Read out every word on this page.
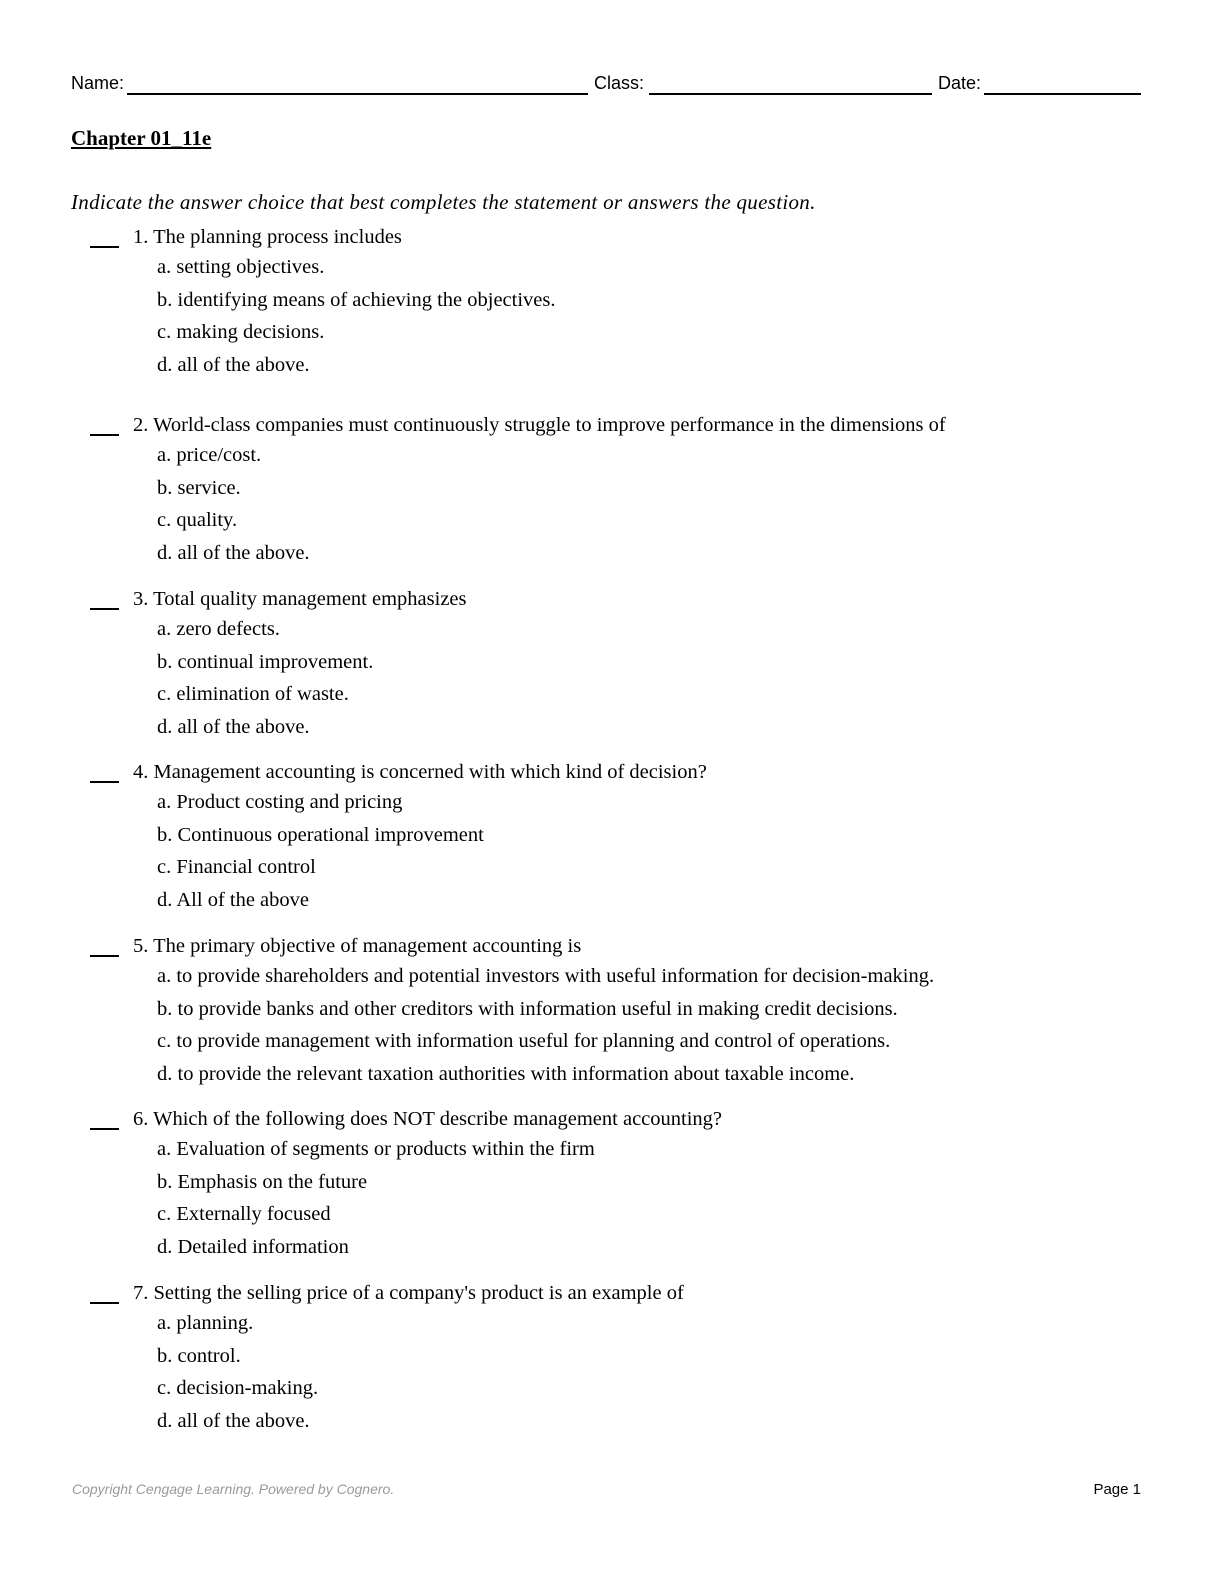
Name:	Class:	Date:
Chapter 01_11e
Indicate the answer choice that best completes the statement or answers the question.
1. The planning process includes
a. setting objectives.
b. identifying means of achieving the objectives.
c. making decisions.
d. all of the above.
2. World-class companies must continuously struggle to improve performance in the dimensions of
a. price/cost.
b. service.
c. quality.
d. all of the above.
3. Total quality management emphasizes
a. zero defects.
b. continual improvement.
c. elimination of waste.
d. all of the above.
4. Management accounting is concerned with which kind of decision?
a. Product costing and pricing
b. Continuous operational improvement
c. Financial control
d. All of the above
5. The primary objective of management accounting is
a. to provide shareholders and potential investors with useful information for decision-making.
b. to provide banks and other creditors with information useful in making credit decisions.
c. to provide management with information useful for planning and control of operations.
d. to provide the relevant taxation authorities with information about taxable income.
6. Which of the following does NOT describe management accounting?
a. Evaluation of segments or products within the firm
b. Emphasis on the future
c. Externally focused
d. Detailed information
7. Setting the selling price of a company's product is an example of
a. planning.
b. control.
c. decision-making.
d. all of the above.
Copyright Cengage Learning. Powered by Cognero.	Page 1
